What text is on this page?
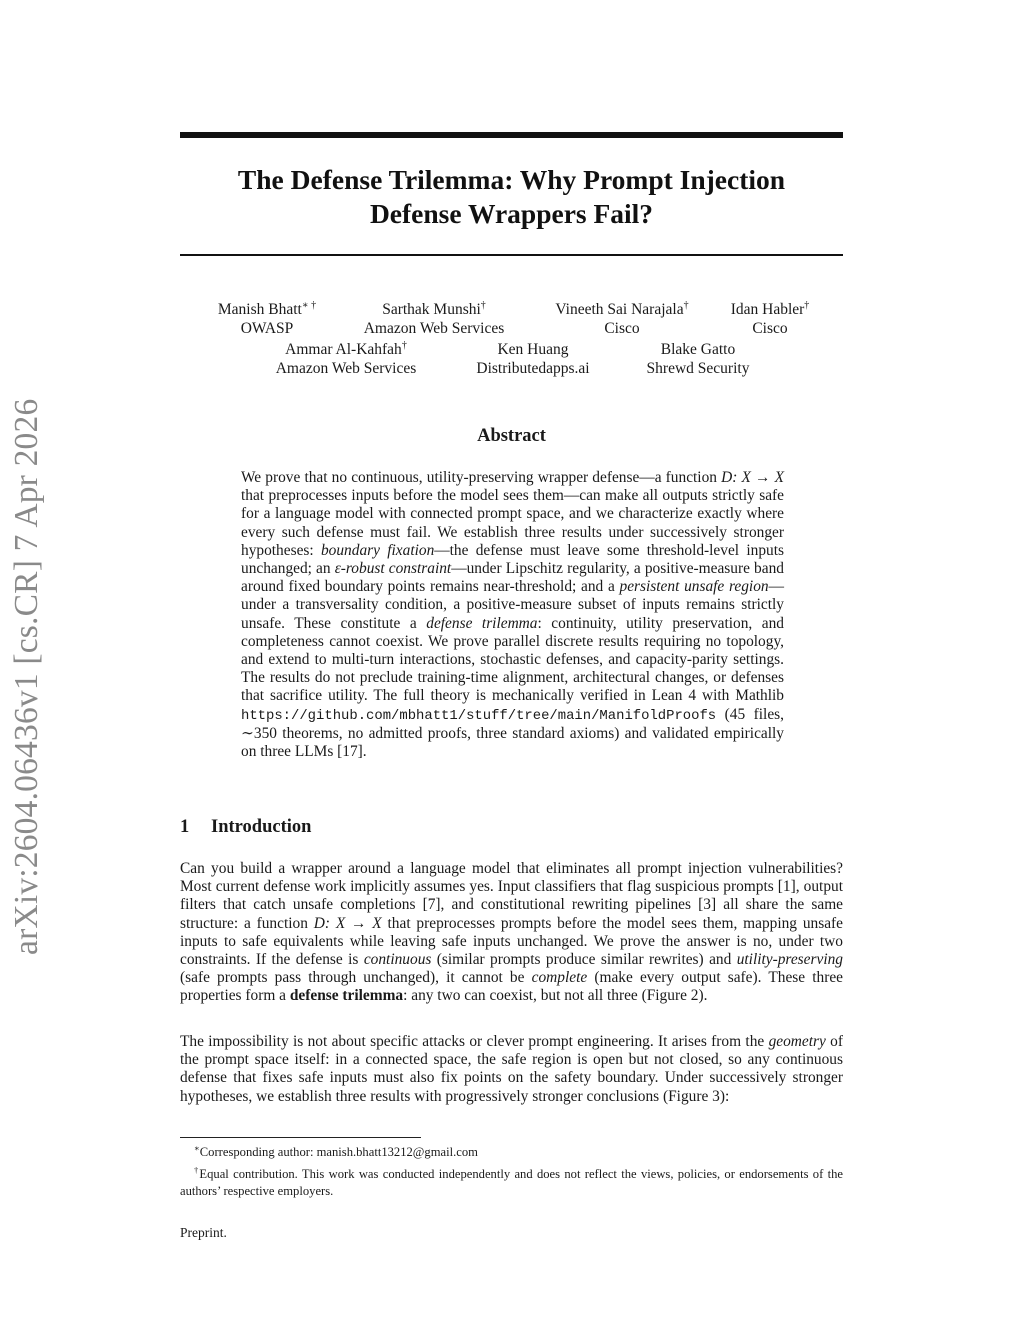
arXiv:2604.06436v1 [cs.CR] 7 Apr 2026
The Defense Trilemma: Why Prompt Injection
Defense Wrappers Fail?
Manish Bhatt∗ †
OWASP
Sarthak Munshi†
Amazon Web Services
Vineeth Sai Narajala†
Cisco
Idan Habler†
Cisco
Ammar Al-Kahfah†
Amazon Web Services
Ken Huang
Distributedapps.ai
Blake Gatto
Shrewd Security
Abstract
We prove that no continuous, utility-preserving wrapper defense—a function D: X → X that preprocesses inputs before the model sees them—can make all outputs strictly safe for a language model with connected prompt space, and we characterize exactly where every such defense must fail. We establish three results under successively stronger hypotheses: boundary fixation—the defense must leave some threshold-level inputs unchanged; an ε-robust constraint—under Lipschitz regularity, a positive-measure band around fixed boundary points remains near-threshold; and a persistent unsafe region—under a transversality condition, a positive-measure subset of inputs remains strictly unsafe. These constitute a defense trilemma: continuity, utility preservation, and completeness cannot coexist. We prove parallel discrete results requiring no topology, and extend to multi-turn interactions, stochastic defenses, and capacity-parity settings. The results do not preclude training-time alignment, architectural changes, or defenses that sacrifice utility. The full theory is mechanically verified in Lean 4 with Mathlib https://github.com/mbhatt1/stuff/tree/main/ManifoldProofs (45 files, ∼350 theorems, no admitted proofs, three standard axioms) and validated empirically on three LLMs [17].
1 Introduction
Can you build a wrapper around a language model that eliminates all prompt injection vulnerabilities? Most current defense work implicitly assumes yes. Input classifiers that flag suspicious prompts [1], output filters that catch unsafe completions [7], and constitutional rewriting pipelines [3] all share the same structure: a function D: X → X that preprocesses prompts before the model sees them, mapping unsafe inputs to safe equivalents while leaving safe inputs unchanged. We prove the answer is no, under two constraints. If the defense is continuous (similar prompts produce similar rewrites) and utility-preserving (safe prompts pass through unchanged), it cannot be complete (make every output safe). These three properties form a defense trilemma: any two can coexist, but not all three (Figure 2).
The impossibility is not about specific attacks or clever prompt engineering. It arises from the geometry of the prompt space itself: in a connected space, the safe region is open but not closed, so any continuous defense that fixes safe inputs must also fix points on the safety boundary. Under successively stronger hypotheses, we establish three results with progressively stronger conclusions (Figure 3):

∗Corresponding author: manish.bhatt13212@gmail.com

†Equal contribution. This work was conducted independently and does not reflect the views, policies, or endorsements of the authors’ respective employers.

Preprint.
